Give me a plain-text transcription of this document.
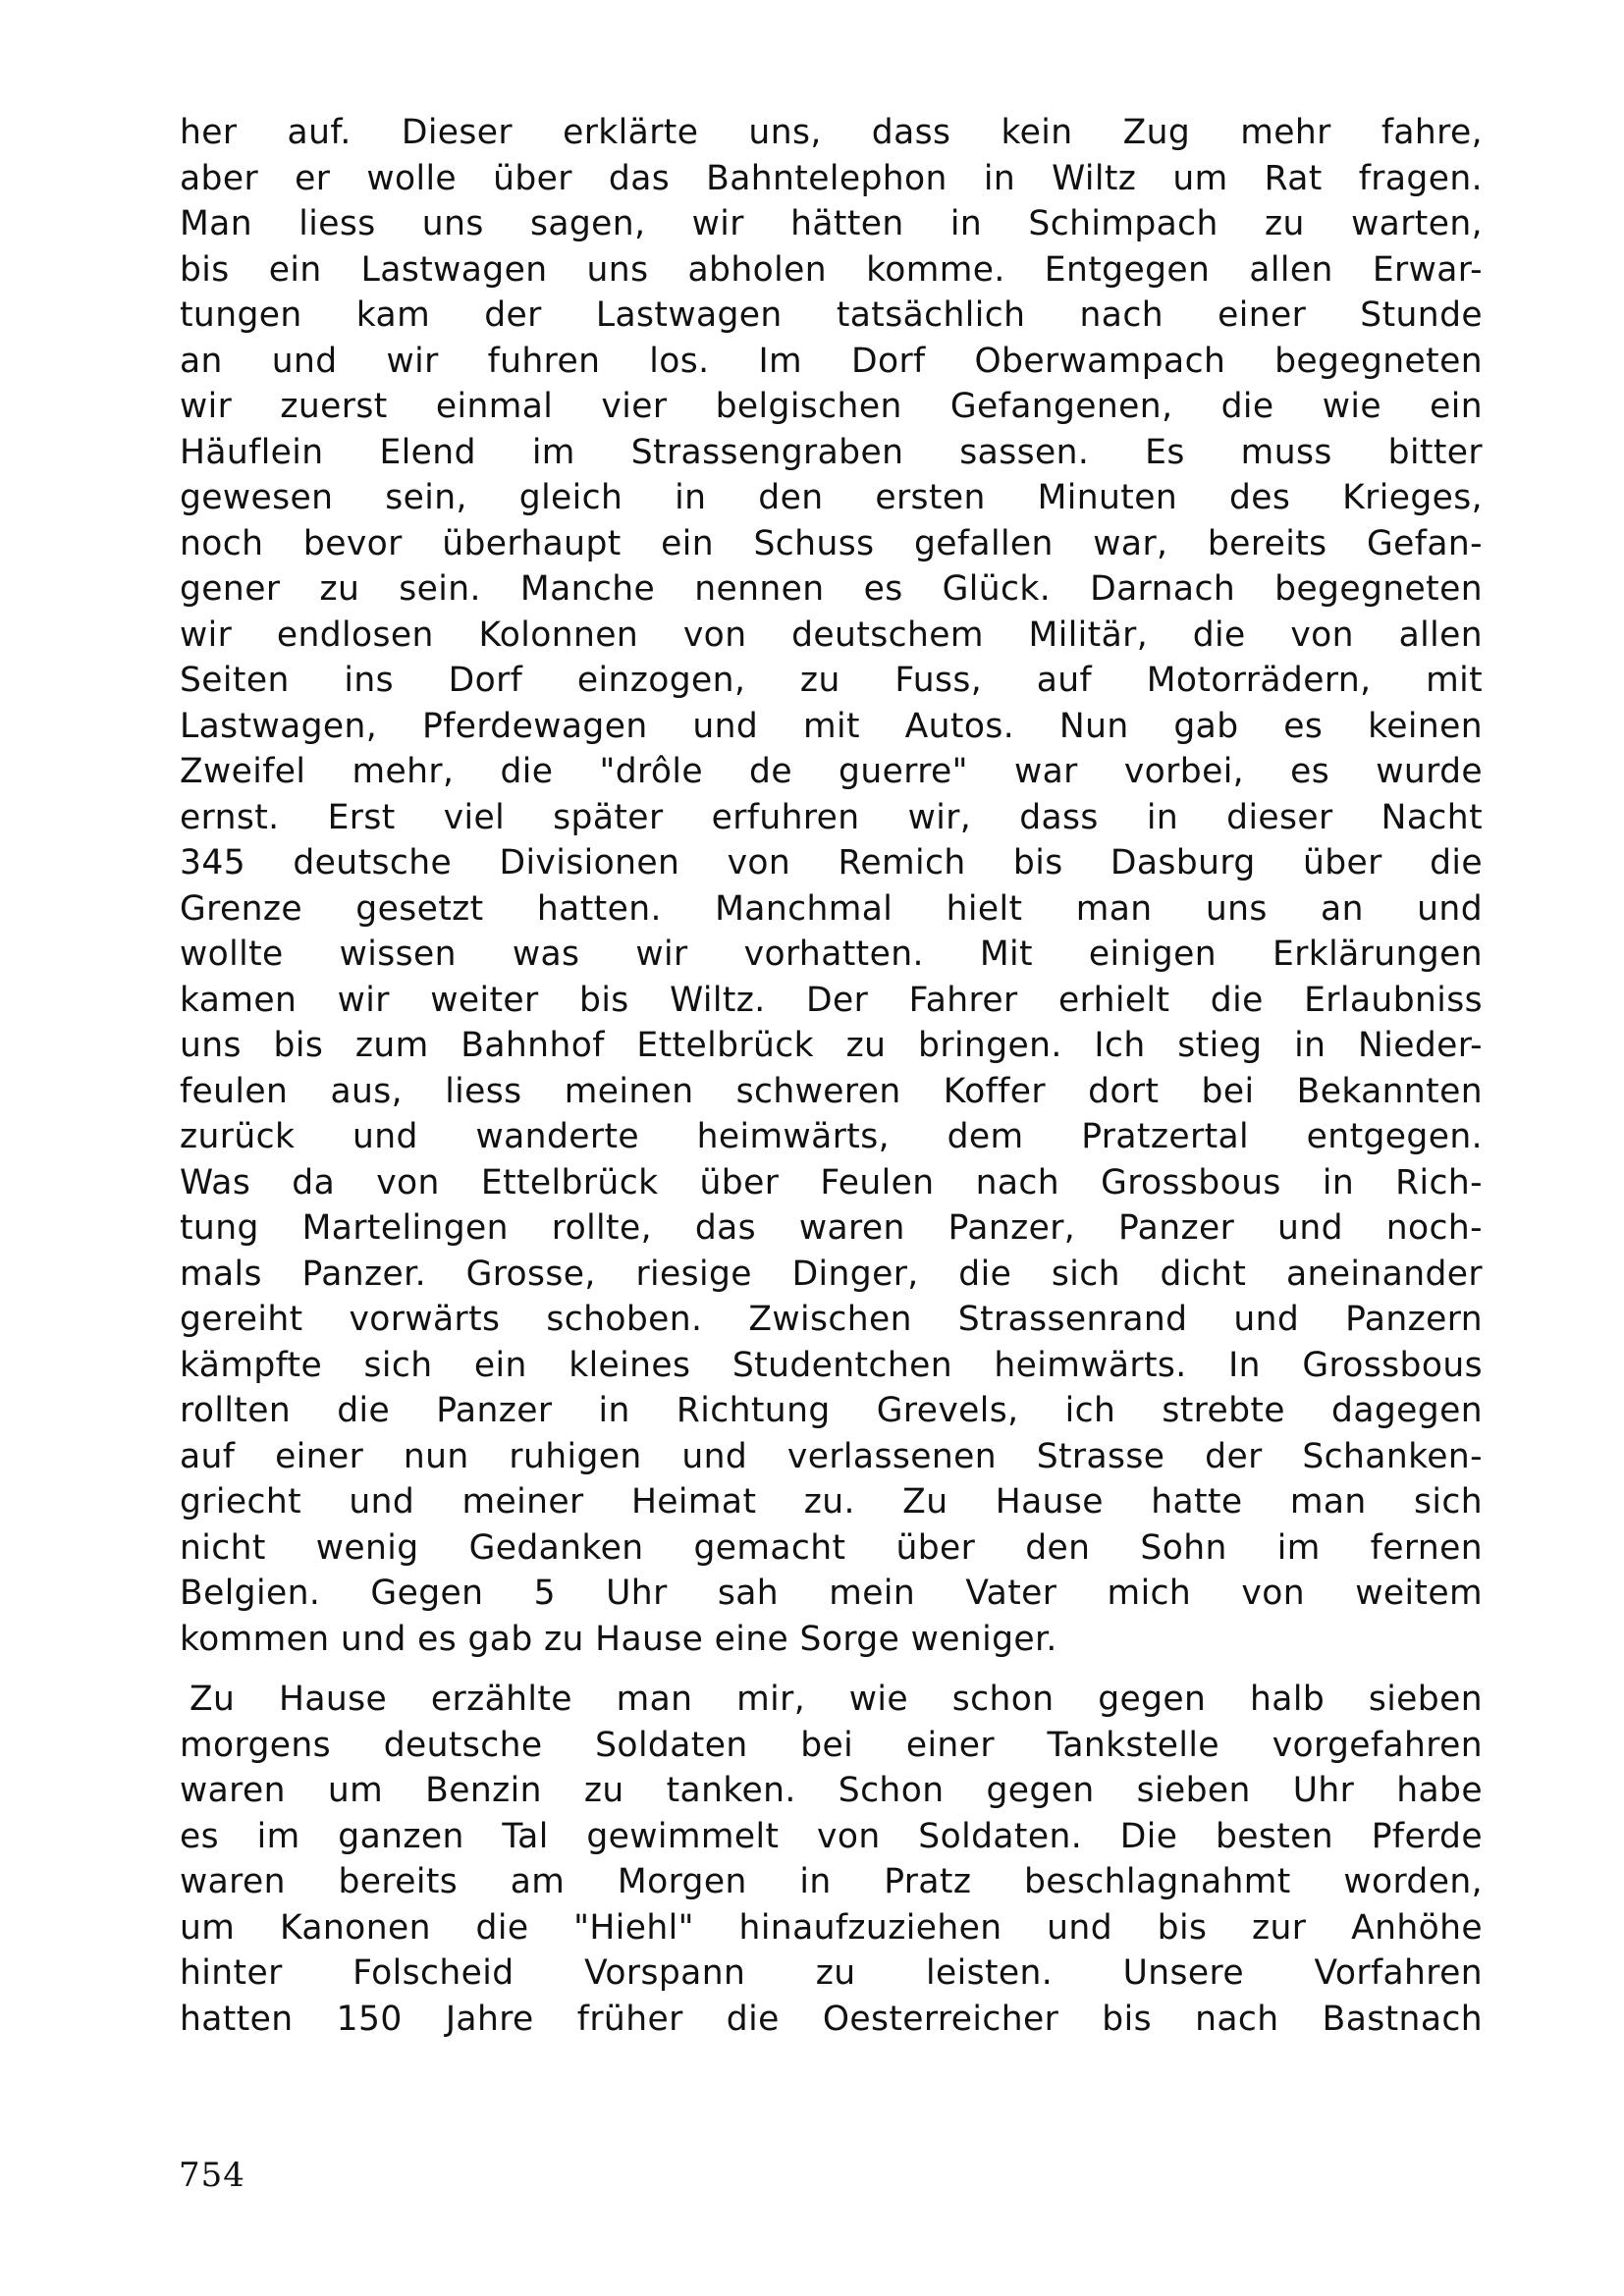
her auf. Dieser erklärte uns, dass kein Zug mehr fahre,
aber er wolle über das Bahntelephon in Wiltz um Rat fragen.
Man liess uns sagen, wir hätten in Schimpach zu warten,
bis ein Lastwagen uns abholen komme. Entgegen allen Erwar-
tungen kam der Lastwagen tatsächlich nach einer Stunde
an und wir fuhren los. Im Dorf Oberwampach begegneten
wir zuerst einmal vier belgischen Gefangenen, die wie ein
Häuflein Elend im Strassengraben sassen. Es muss bitter
gewesen sein, gleich in den ersten Minuten des Krieges,
noch bevor überhaupt ein Schuss gefallen war, bereits Gefan-
gener zu sein. Manche nennen es Glück. Darnach begegneten
wir endlosen Kolonnen von deutschem Militär, die von allen
Seiten ins Dorf einzogen, zu Fuss, auf Motorrädern, mit
Lastwagen, Pferdewagen und mit Autos. Nun gab es keinen
Zweifel mehr, die "drôle de guerre" war vorbei, es wurde
ernst. Erst viel später erfuhren wir, dass in dieser Nacht
345 deutsche Divisionen von Remich bis Dasburg über die
Grenze gesetzt hatten. Manchmal hielt man uns an und
wollte wissen was wir vorhatten. Mit einigen Erklärungen
kamen wir weiter bis Wiltz. Der Fahrer erhielt die Erlaubniss
uns bis zum Bahnhof Ettelbrück zu bringen. Ich stieg in Nieder-
feulen aus, liess meinen schweren Koffer dort bei Bekannten
zurück und wanderte heimwärts, dem Pratzertal entgegen.
Was da von Ettelbrück über Feulen nach Grossbous in Rich-
tung Martelingen rollte, das waren Panzer, Panzer und noch-
mals Panzer. Grosse, riesige Dinger, die sich dicht aneinander
gereiht vorwärts schoben. Zwischen Strassenrand und Panzern
kämpfte sich ein kleines Studentchen heimwärts. In Grossbous
rollten die Panzer in Richtung Grevels, ich strebte dagegen
auf einer nun ruhigen und verlassenen Strasse der Schanken-
griecht und meiner Heimat zu. Zu Hause hatte man sich
nicht wenig Gedanken gemacht über den Sohn im fernen
Belgien. Gegen 5 Uhr sah mein Vater mich von weitem
kommen und es gab zu Hause eine Sorge weniger.
Zu Hause erzählte man mir, wie schon gegen halb sieben
morgens deutsche Soldaten bei einer Tankstelle vorgefahren
waren um Benzin zu tanken. Schon gegen sieben Uhr habe
es im ganzen Tal gewimmelt von Soldaten. Die besten Pferde
waren bereits am Morgen in Pratz beschlagnahmt worden,
um Kanonen die "Hiehl" hinaufzuziehen und bis zur Anhöhe
hinter Folscheid Vorspann zu leisten. Unsere Vorfahren
hatten 150 Jahre früher die Oesterreicher bis nach Bastnach
754
